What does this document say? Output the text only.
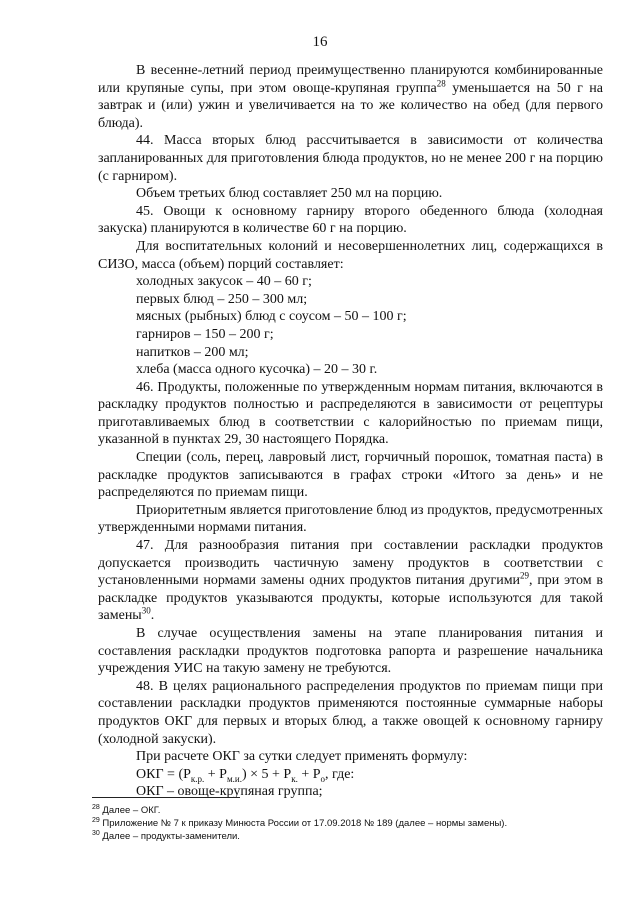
16

В весенне-летний период преимущественно планируются комбинированные или крупяные супы, при этом овоще-крупяная группа$^{28}$ уменьшается на 50 г на завтрак и (или) ужин и увеличивается на то же количество на обед (для первого блюда).

44. Масса вторых блюд рассчитывается в зависимости от количества запланированных для приготовления блюда продуктов, но не менее 200 г на порцию (с гарниром).

Объем третьих блюд составляет 250 мл на порцию.

45. Овощи к основному гарниру второго обеденного блюда (холодная закуска) планируются в количестве 60 г на порцию.

Для воспитательных колоний и несовершеннолетних лиц, содержащихся в СИЗО, масса (объем) порций составляет:

холодных закусок – 40 – 60 г;

первых блюд – 250 – 300 мл;

мясных (рыбных) блюд с соусом – 50 – 100 г;

гарниров – 150 – 200 г;

напитков – 200 мл;

хлеба (масса одного кусочка) – 20 – 30 г.

46. Продукты, положенные по утвержденным нормам питания, включаются в раскладку продуктов полностью и распределяются в зависимости от рецептуры приготавливаемых блюд в соответствии с калорийностью по приемам пищи, указанной в пунктах 29, 30 настоящего Порядка.

Специи (соль, перец, лавровый лист, горчичный порошок, томатная паста) в раскладке продуктов записываются в графах строки «Итого за день» и не распределяются по приемам пищи.

Приоритетным является приготовление блюд из продуктов, предусмотренных утвержденными нормами питания.

47. Для разнообразия питания при составлении раскладки продуктов допускается производить частичную замену продуктов в соответствии с установленными нормами замены одних продуктов питания другими$^{29}$, при этом в раскладке продуктов указываются продукты, которые используются для такой замены$^{30}$.

В случае осуществления замены на этапе планирования питания и составления раскладки продуктов подготовка рапорта и разрешение начальника учреждения УИС на такую замену не требуются.

48. В целях рационального распределения продуктов по приемам пищи при составлении раскладки продуктов применяются постоянные суммарные наборы продуктов ОКГ для первых и вторых блюд, а также овощей к основному гарниру (холодной закуски).

При расчете ОКГ за сутки следует применять формулу:

ОКГ = $(Р_{к.р.} + Р_{м.и.}) \times 5 + Р_{к.} + Р_о$, где:

ОКГ – овоще-крупяная группа;

$^{28}$ Далее – ОКГ.
$^{29}$ Приложение № 7 к приказу Минюста России от 17.09.2018 № 189 (далее – нормы замены).
$^{30}$ Далее – продукты-заменители.
